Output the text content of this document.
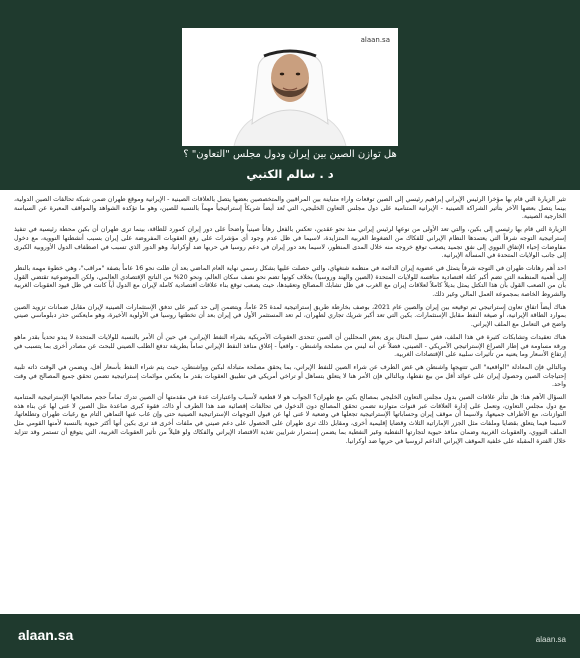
alaan.sa
هل توازن الصين بين إيران ودول مجلس "التعاون" ؟
د . سالم الكتبي

تثير الزيارة التي قام بها مؤخراً الرئيس الإيراني إبراهيم رئيسي إلى الصين توقعات وآراء متباينة بين المراقبين والمتخصصين بعضها يتصل بالعلاقات الصينية - الإيرانية وموقع طهران ضمن شبكة تحالفات الصين الدولية، بينما يتصل بعضها الآخر بتأثير الشراكة الصينية - الإيرانية المتنامية على دول مجلس التعاون الخليجي، التي تُعد أيضاً شريكاً إستراتيجياً مهماً بالنسبة للصين، وهو ما تؤكده الشواهد والمواقف المعبرة عن السياسة الخارجية الصينية.

الزيارة التي قام بها رئيسي إلى بكين، والتي تعد الأولى من نوعها لرئيس إيراني منذ نحو عقدين، تعكس بالفعل رهاناً صينياً واضحاً على دور إيران كمورد للطاقة، بينما ترى طهران أن بكين محطة رئيسية في تنفيذ إستراتيجية التوجه شرقاً التي يعتمدها النظام الإيراني للفكاك من الضغوط الغربية المتزايدة، لاسيما في ظل عدم وجود أي مؤشرات على رفع العقوبات المفروضة على إيران بسبب أنشطتها النووية، مع دخول مفاوضات إحياء الإتفاق النووي إلى نفق تجميد يصعب توقع خروجه منه خلال المدى المنظور، لاسيما بعد دور إيران في دعم روسيا في حربها ضد أوكرانيا، وهو الدور الذي تسبب في اصطفاف الدول الأوروبية الكبرى إلى جانب الولايات المتحدة في المسألة الإيرانية.

احد أهم رهانات طهران في التوجه شرقاً يتمثل في عضوية إيران الدائمة في منظمة شنغهاي، والتي حصلت عليها بشكل رسمي نهاية العام الماضي بعد أن ظلت نحو 16 عاماً بصفة "مراقب"، وهي خطوة مهمة بالنظر إلى أهمية المنظمة التي تضم أكبر كتلة اقتصادية منافسة للولايات المتحدة (الصين والهند وروسيا) بخلاف كونها تضم نحو نصف سكان العالم، ونحو 20% من الناتج الإقتصادي العالمي، ولكن الموضوعية تقتضي القول بأن من الصعب القول بأن هذا التكتل يمثل بديلاً كاملاً لعلاقات إيران مع الغرب في ظل تشابك المصالح وتعقيدها، حيث يصعب توقع بناء علاقات اقتصادية كاملة لإيران مع الدول أياً كانت في ظل قيود العقوبات الغربية والشروط الخاصة بمجموعة العمل المالي وغير ذلك.

هناك أيضاً اتفاق تعاون إستراتيجي تم توقيعه بين إيران والصين عام 2021، بوصف بخارطة طريق إستراتيجية لمدة 25 عاماً، ويتضمن إلى حد كبير على تدفق الإستثمارات الصينية لإيران مقابل ضمانات تزويد الصين بموارد الطاقة الإيرانية، أو صيغة النفط مقابل الإستثمارات. بكين التي تعد أكبر شريك تجاري لطهران، لم تعد المستثمر الأول في إيران بعد أن تخطتها روسيا في الأولوية الأخيرة، وهو مايعكس حذر دبلوماسي صيني واضح في التعامل مع الملف الإيراني.

هناك تعقيدات وتشابكات كثيرة في هذا الملف، ففي سبيل المثال يرى بعض المحللين أن الصين تتحدى العقوبات الأمريكية بشراء النفط الإيراني، في حين أن الأمر بالنسبة للولايات المتحدة لا يبدو تحدياً بقدر ماهو ورقة مساومة في إطار الصراع الإستراتيجي الأمريكي - الصيني، فضلاً عن أنه ليس من مصلحة واشنطن - واقعياً - إغلاق منافذ النفط الإيراني تماماً بطريقة تدفع الطلب الصيني للبحث عن مصادر أخرى بما يتسبب في إرتفاع الأسعار وما يعنيه من تأثيرات سلبية على الإقتصادات الغربية.

وبالتالي فإن المعادلة "الواقعية" التي تتنهجها واشنطن هي غض الطرف عن شراء الصين للنفط الإيراني، بما يحقق مصلحة متبادلة لبكين وواشنطن، حيث يتم شراء النفط بأسعار أقل، ويضمن في الوقت ذاته تلبية إحتياجات الصين وحصول إيران على عوائد أقل من بيع نفطها، وبالتالي فإن الأمر هنا لا يتعلق بتساهل أو تراخي أمريكي في تطبيق العقوبات بقدر ما يعكس موائمات إستراتيجية تضمن تحقق جميع المصالح في وقت واحد.

السؤال الأهم هنا: هل تتأثر علاقات الصين بدول مجلس التعاون الخليجي بمصالح بكين مع طهران؟ الجواب هو لا قطعية لأسباب واعتبارات عدة في مقدمتها أن الصين تدرك تماماً حجم مصالحها الإستراتيجية المتنامية مع دول مجلس التعاون، وتعمل على إدارة العلاقات عبر قنوات متوازنة تضمن تحقق المصالح دون الدخول في تحالفات إقصائية ضد هذا الطرف أو ذاك، فقوة كبرى صاعدة مثل الصين لا غنى لها عن بناء هذه التوازنات، مع الأطراف جميعها، ولاسيما أن موقف إيران وحساباتها الإستراتيجية تجعلها في وضعية لا غنى لها عن قبول التوجهات الإستراتيجية الصينية حتى وإن غاب عنها التماهي التام مع رغبات طهران وتطلعاتها، لاسيما فيما يتعلق بقضايا وملفات مثل الجزر الإماراتية الثلاث وقضايا إقليمية أخرى، ومقابل ذلك ترى طهران على الحصول على دعم صيني في ملفات أخرى قد ترى بكين أنها أكثر حيوية بالنسبة لأمنها القومي مثل الملف النووي، والعقوبات الغربية وضمان منافذ حيوية لتجارتها النفطية وغير النفطية بما يضمن إستمرار شرايين تغذية الاقتصاد الإيراني والفكاك ولو قليلاً من تأثير العقوبات الغربية، التي يتوقع أن تستمر وقد تتزايد خلال الفترة المقبلة على خلفية الموقف الإيراني الداعم لروسيا في حربها ضد أوكرانيا.

alaan.sa	alaan.sa
